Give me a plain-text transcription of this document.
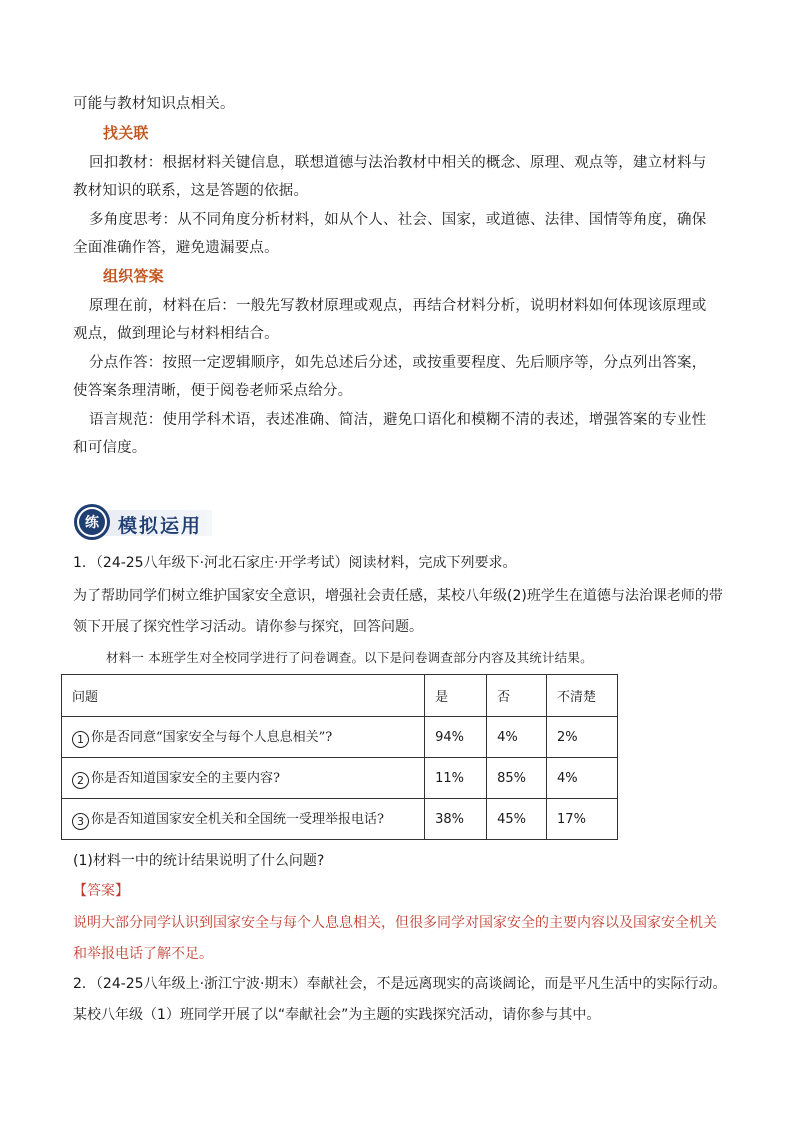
可能与教材知识点相关。
找关联
回扣教材：根据材料关键信息，联想道德与法治教材中相关的概念、原理、观点等，建立材料与
教材知识的联系，这是答题的依据。
多角度思考：从不同角度分析材料，如从个人、社会、国家，或道德、法律、国情等角度，确保
全面准确作答，避免遗漏要点。
组织答案
原理在前，材料在后：一般先写教材原理或观点，再结合材料分析，说明材料如何体现该原理或
观点，做到理论与材料相结合。
分点作答：按照一定逻辑顺序，如先总述后分述，或按重要程度、先后顺序等，分点列出答案，
使答案条理清晰，便于阅卷老师采点给分。
语言规范：使用学科术语，表述准确、简洁，避免口语化和模糊不清的表述，增强答案的专业性
和可信度。
练	模拟运用
1．（24-25八年级下·河北石家庄·开学考试）阅读材料，完成下列要求。
为了帮助同学们树立维护国家安全意识，增强社会责任感，某校八年级(2)班学生在道德与法治课老师的带
领下开展了探究性学习活动。请你参与探究，回答问题。
材料一 本班学生对全校同学进行了问卷调查。以下是问卷调查部分内容及其统计结果。
问题	是	否	不清楚
1 你是否同意“国家安全与每个人息息相关”?	94%	4%	2%
2 你是否知道国家安全的主要内容?	11%	85%	4%
3 你是否知道国家安全机关和全国统一受理举报电话?	38%	45%	17%
(1)材料一中的统计结果说明了什么问题?
【答案】
说明大部分同学认识到国家安全与每个人息息相关，但很多同学对国家安全的主要内容以及国家安全机关
和举报电话了解不足。
2．（24-25八年级上·浙江宁波·期末）奉献社会，不是远离现实的高谈阔论，而是平凡生活中的实际行动。
某校八年级（1）班同学开展了以“奉献社会”为主题的实践探究活动，请你参与其中。
